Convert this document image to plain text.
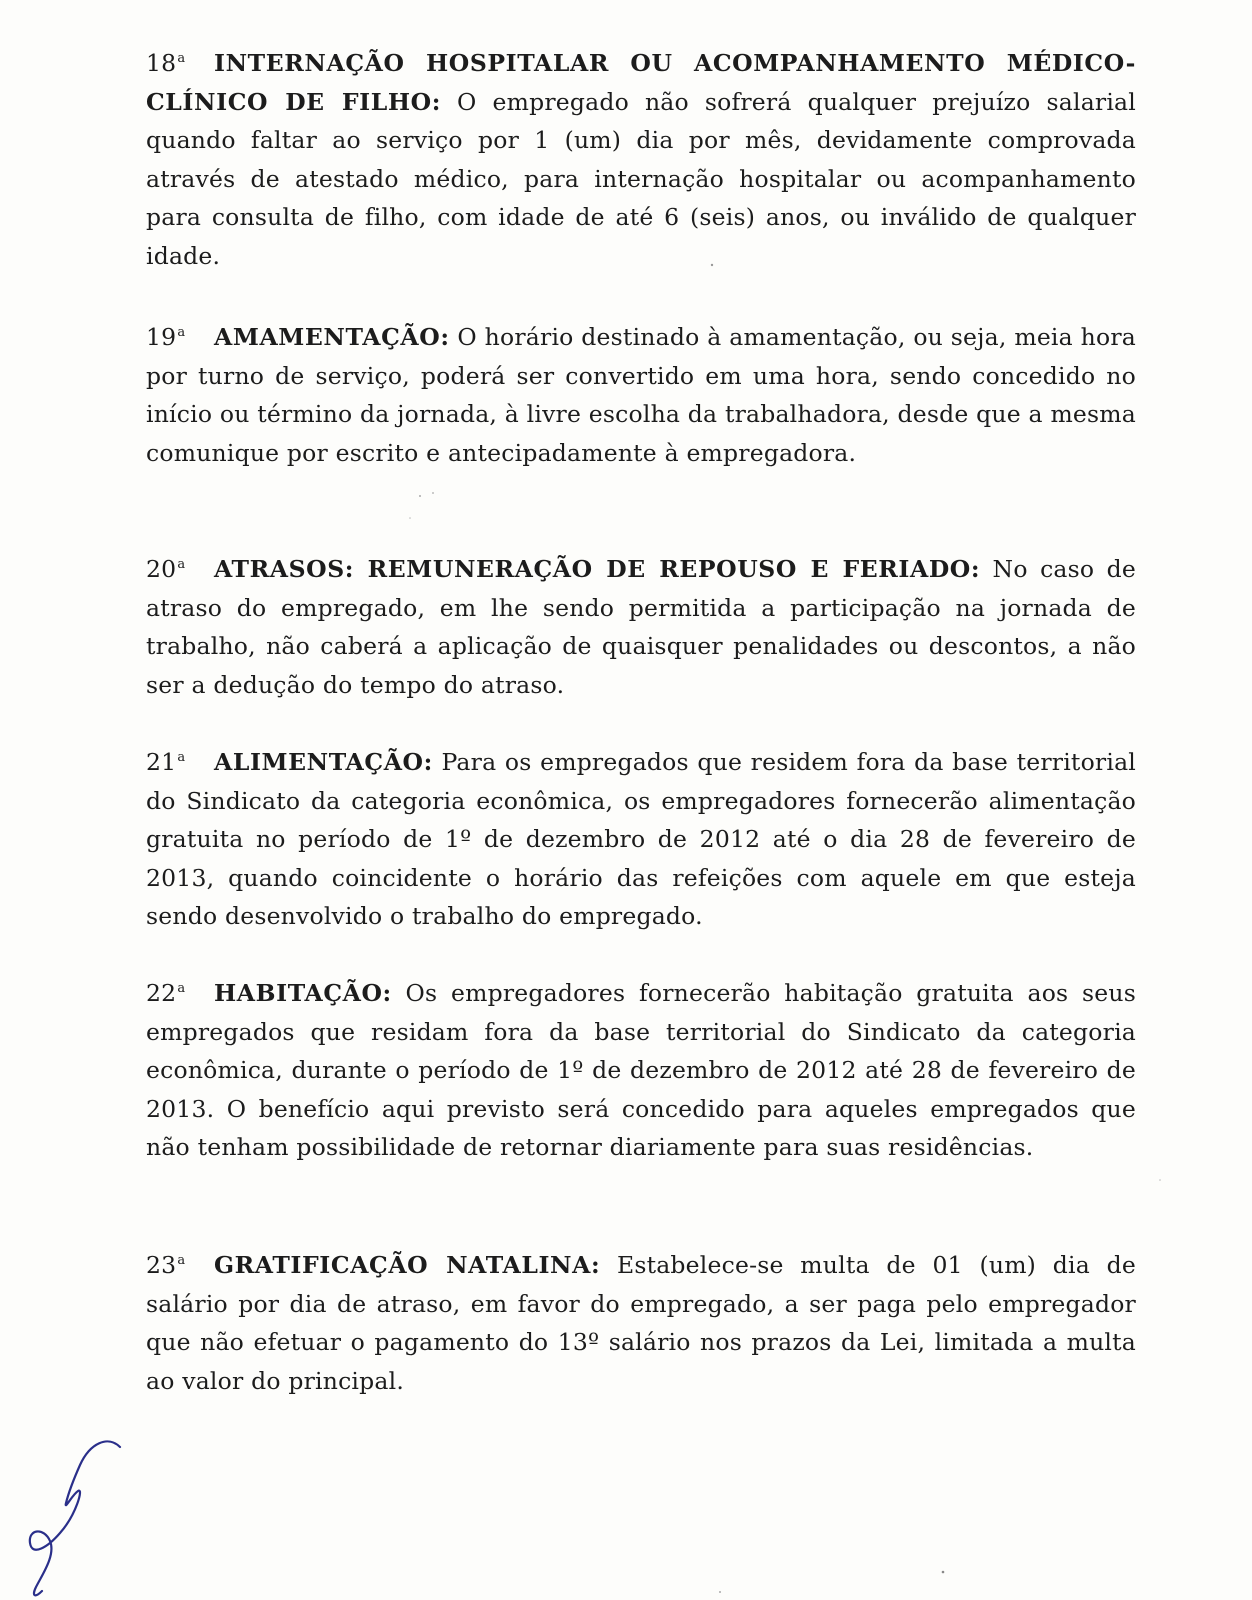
18$^a$ INTERNAÇÃO HOSPITALAR OU ACOMPANHAMENTO MÉDICO-CLÍNICO DE FILHO: O empregado não sofrerá qualquer prejuízo salarial quando faltar ao serviço por 1 (um) dia por mês, devidamente comprovada através de atestado médico, para internação hospitalar ou acompanhamento para consulta de filho, com idade de até 6 (seis) anos, ou inválido de qualquer idade.

19$^a$ AMAMENTAÇÃO: O horário destinado à amamentação, ou seja, meia hora por turno de serviço, poderá ser convertido em uma hora, sendo concedido no início ou término da jornada, à livre escolha da trabalhadora, desde que a mesma comunique por escrito e antecipadamente à empregadora.

20$^a$ ATRASOS: REMUNERAÇÃO DE REPOUSO E FERIADO: No caso de atraso do empregado, em lhe sendo permitida a participação na jornada de trabalho, não caberá a aplicação de quaisquer penalidades ou descontos, a não ser a dedução do tempo do atraso.

21$^a$ ALIMENTAÇÃO: Para os empregados que residem fora da base territorial do Sindicato da categoria econômica, os empregadores fornecerão alimentação gratuita no período de 1º de dezembro de 2012 até o dia 28 de fevereiro de 2013, quando coincidente o horário das refeições com aquele em que esteja sendo desenvolvido o trabalho do empregado.

22$^a$ HABITAÇÃO: Os empregadores fornecerão habitação gratuita aos seus empregados que residam fora da base territorial do Sindicato da categoria econômica, durante o período de 1º de dezembro de 2012 até 28 de fevereiro de 2013. O benefício aqui previsto será concedido para aqueles empregados que não tenham possibilidade de retornar diariamente para suas residências.

23$^a$ GRATIFICAÇÃO NATALINA: Estabelece-se multa de 01 (um) dia de salário por dia de atraso, em favor do empregado, a ser paga pelo empregador que não efetuar o pagamento do 13º salário nos prazos da Lei, limitada a multa ao valor do principal.
